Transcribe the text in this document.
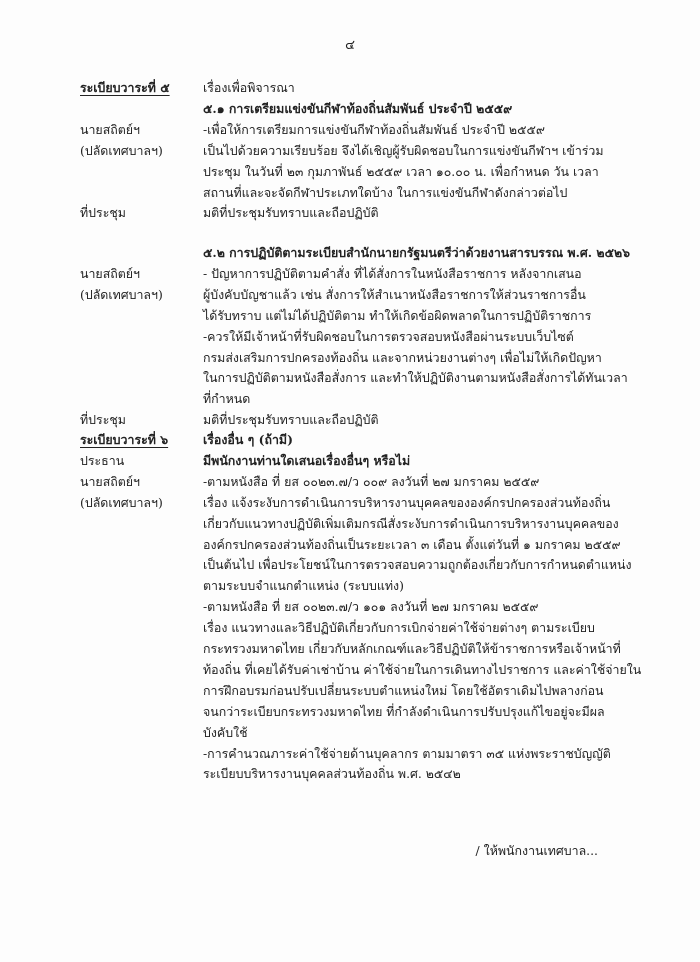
๔
ระเบียบวาระที่ ๕	เรื่องเพื่อพิจารณา
๕.๑ การเตรียมแข่งขันกีฬาท้องถิ่นสัมพันธ์ ประจำปี ๒๕๕๙
นายสถิตย์ฯ	-เพื่อให้การเตรียมการแข่งขันกีฬาท้องถิ่นสัมพันธ์ ประจำปี ๒๕๕๙
(ปลัดเทศบาลฯ)	เป็นไปด้วยความเรียบร้อย จึงได้เชิญผู้รับผิดชอบในการแข่งขันกีฬาฯ เข้าร่วม
ประชุม ในวันที่ ๒๓ กุมภาพันธ์ ๒๕๕๙ เวลา ๑๐.๐๐ น. เพื่อกำหนด วัน เวลา
สถานที่และจะจัดกีฬาประเภทใดบ้าง ในการแข่งขันกีฬาดังกล่าวต่อไป
ที่ประชุม	มติที่ประชุมรับทราบและถือปฏิบัติ
๕.๒ การปฏิบัติตามระเบียบสำนักนายกรัฐมนตรีว่าด้วยงานสารบรรณ พ.ศ. ๒๕๒๖
นายสถิตย์ฯ	- ปัญหาการปฏิบัติตามคำสั่ง ที่ได้สั่งการในหนังสือราชการ หลังจากเสนอ
(ปลัดเทศบาลฯ)	ผู้บังคับบัญชาแล้ว เช่น สั่งการให้สำเนาหนังสือราชการให้ส่วนราชการอื่น
ได้รับทราบ แต่ไม่ได้ปฏิบัติตาม ทำให้เกิดข้อผิดพลาดในการปฏิบัติราชการ
-ควรให้มีเจ้าหน้าที่รับผิดชอบในการตรวจสอบหนังสือผ่านระบบเว็บไซต์
กรมส่งเสริมการปกครองท้องถิ่น และจากหน่วยงานต่างๆ เพื่อไม่ให้เกิดปัญหา
ในการปฏิบัติตามหนังสือสั่งการ และทำให้ปฏิบัติงานตามหนังสือสั่งการได้ทันเวลา
ที่กำหนด
ที่ประชุม	มติที่ประชุมรับทราบและถือปฏิบัติ
ระเบียบวาระที่ ๖	เรื่องอื่น ๆ (ถ้ามี)
ประธาน	มีพนักงานท่านใดเสนอเรื่องอื่นๆ หรือไม่
นายสถิตย์ฯ	-ตามหนังสือ ที่ ยส ๐๐๒๓.๗/ว ๐๐๙ ลงวันที่ ๒๗ มกราคม ๒๕๕๙
(ปลัดเทศบาลฯ)	เรื่อง แจ้งระงับการดำเนินการบริหารงานบุคคลขององค์กรปกครองส่วนท้องถิ่น
เกี่ยวกับแนวทางปฏิบัติเพิ่มเติมกรณีสั่งระงับการดำเนินการบริหารงานบุคคลของ
องค์กรปกครองส่วนท้องถิ่นเป็นระยะเวลา ๓ เดือน ตั้งแต่วันที่ ๑ มกราคม ๒๕๕๙
เป็นต้นไป เพื่อประโยชน์ในการตรวจสอบความถูกต้องเกี่ยวกับการกำหนดตำแหน่ง
ตามระบบจำแนกตำแหน่ง (ระบบแท่ง)
-ตามหนังสือ ที่ ยส ๐๐๒๓.๗/ว ๑๐๑ ลงวันที่ ๒๗ มกราคม ๒๕๕๙
เรื่อง แนวทางและวิธีปฏิบัติเกี่ยวกับการเบิกจ่ายค่าใช้จ่ายต่างๆ ตามระเบียบ
กระทรวงมหาดไทย เกี่ยวกับหลักเกณฑ์และวิธีปฏิบัติให้ข้าราชการหรือเจ้าหน้าที่
ท้องถิ่น ที่เคยได้รับค่าเช่าบ้าน ค่าใช้จ่ายในการเดินทางไปราชการ และค่าใช้จ่ายใน
การฝึกอบรมก่อนปรับเปลี่ยนระบบตำแหน่งใหม่ โดยใช้อัตราเดิมไปพลางก่อน
จนกว่าระเบียบกระทรวงมหาดไทย ที่กำลังดำเนินการปรับปรุงแก้ไขอยู่จะมีผล
บังคับใช้
-การคำนวณภาระค่าใช้จ่ายด้านบุคลากร ตามมาตรา ๓๕ แห่งพระราชบัญญัติ
ระเบียบบริหารงานบุคคลส่วนท้องถิ่น พ.ศ. ๒๕๔๒
/ ให้พนักงานเทศบาล...
